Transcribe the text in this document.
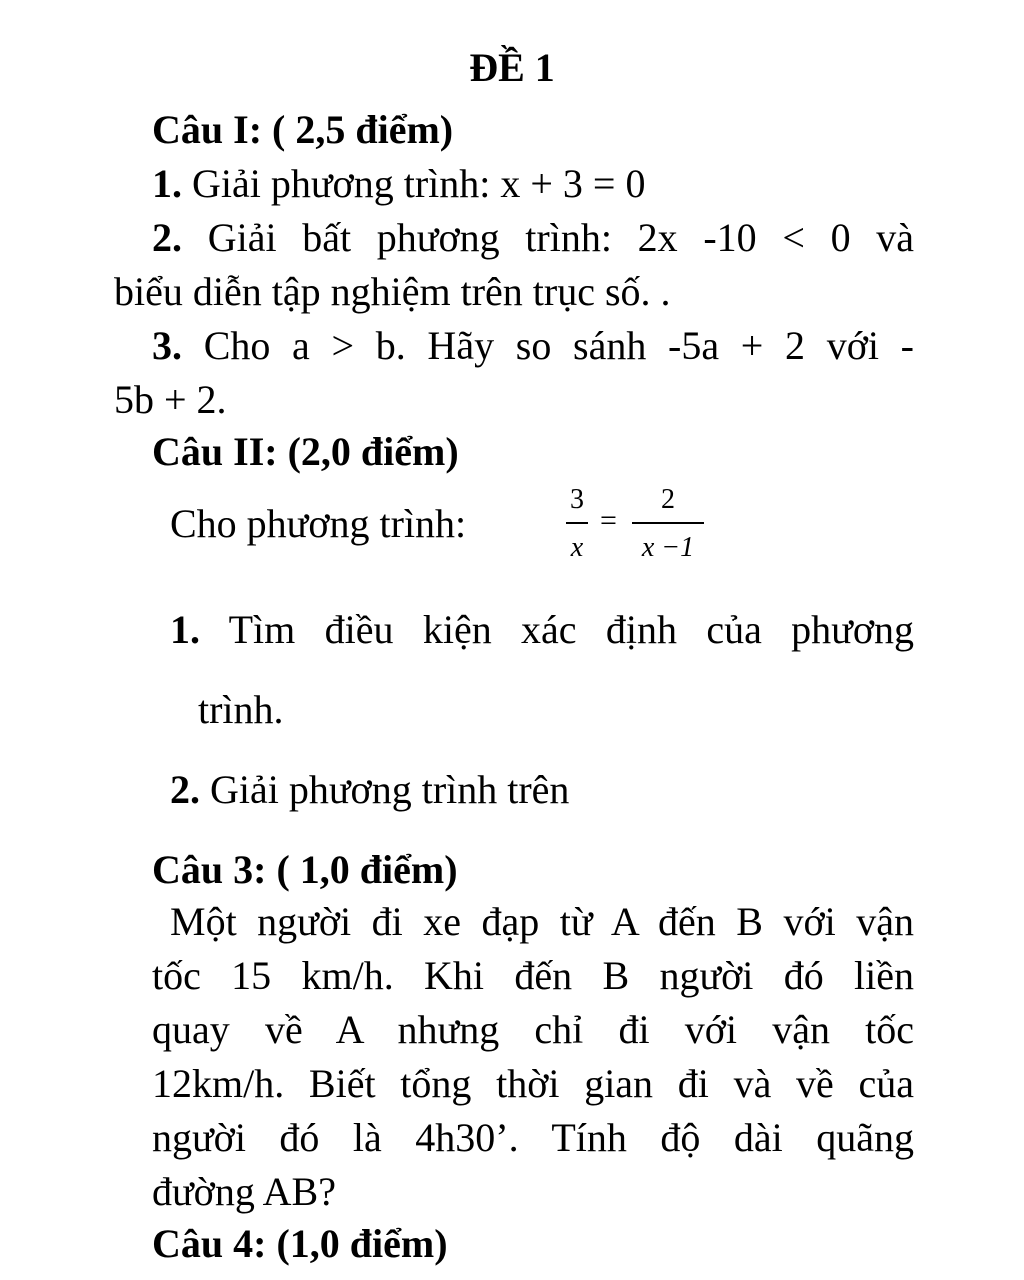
ĐỀ 1
Câu I: ( 2,5 điểm)
1. Giải phương trình: x + 3 = 0
2. Giải bất phương trình: 2x -10 < 0 và
biểu diễn tập nghiệm trên trục số. .
3. Cho a > b. Hãy so sánh -5a + 2 với -
5b + 2.
Câu II: (2,0 điểm)
Cho phương trình:
3
x
=
2
x −1
1. Tìm điều kiện xác định của phương
trình.
2. Giải phương trình trên
Câu 3: ( 1,0 điểm)
Một người đi xe đạp từ A đến B với vận
tốc 15 km/h. Khi đến B người đó liền
quay về A nhưng chỉ đi với vận tốc
12km/h. Biết tổng thời gian đi và về của
người đó là 4h30’. Tính độ dài quãng
đường AB?
Câu 4: (1,0 điểm)
